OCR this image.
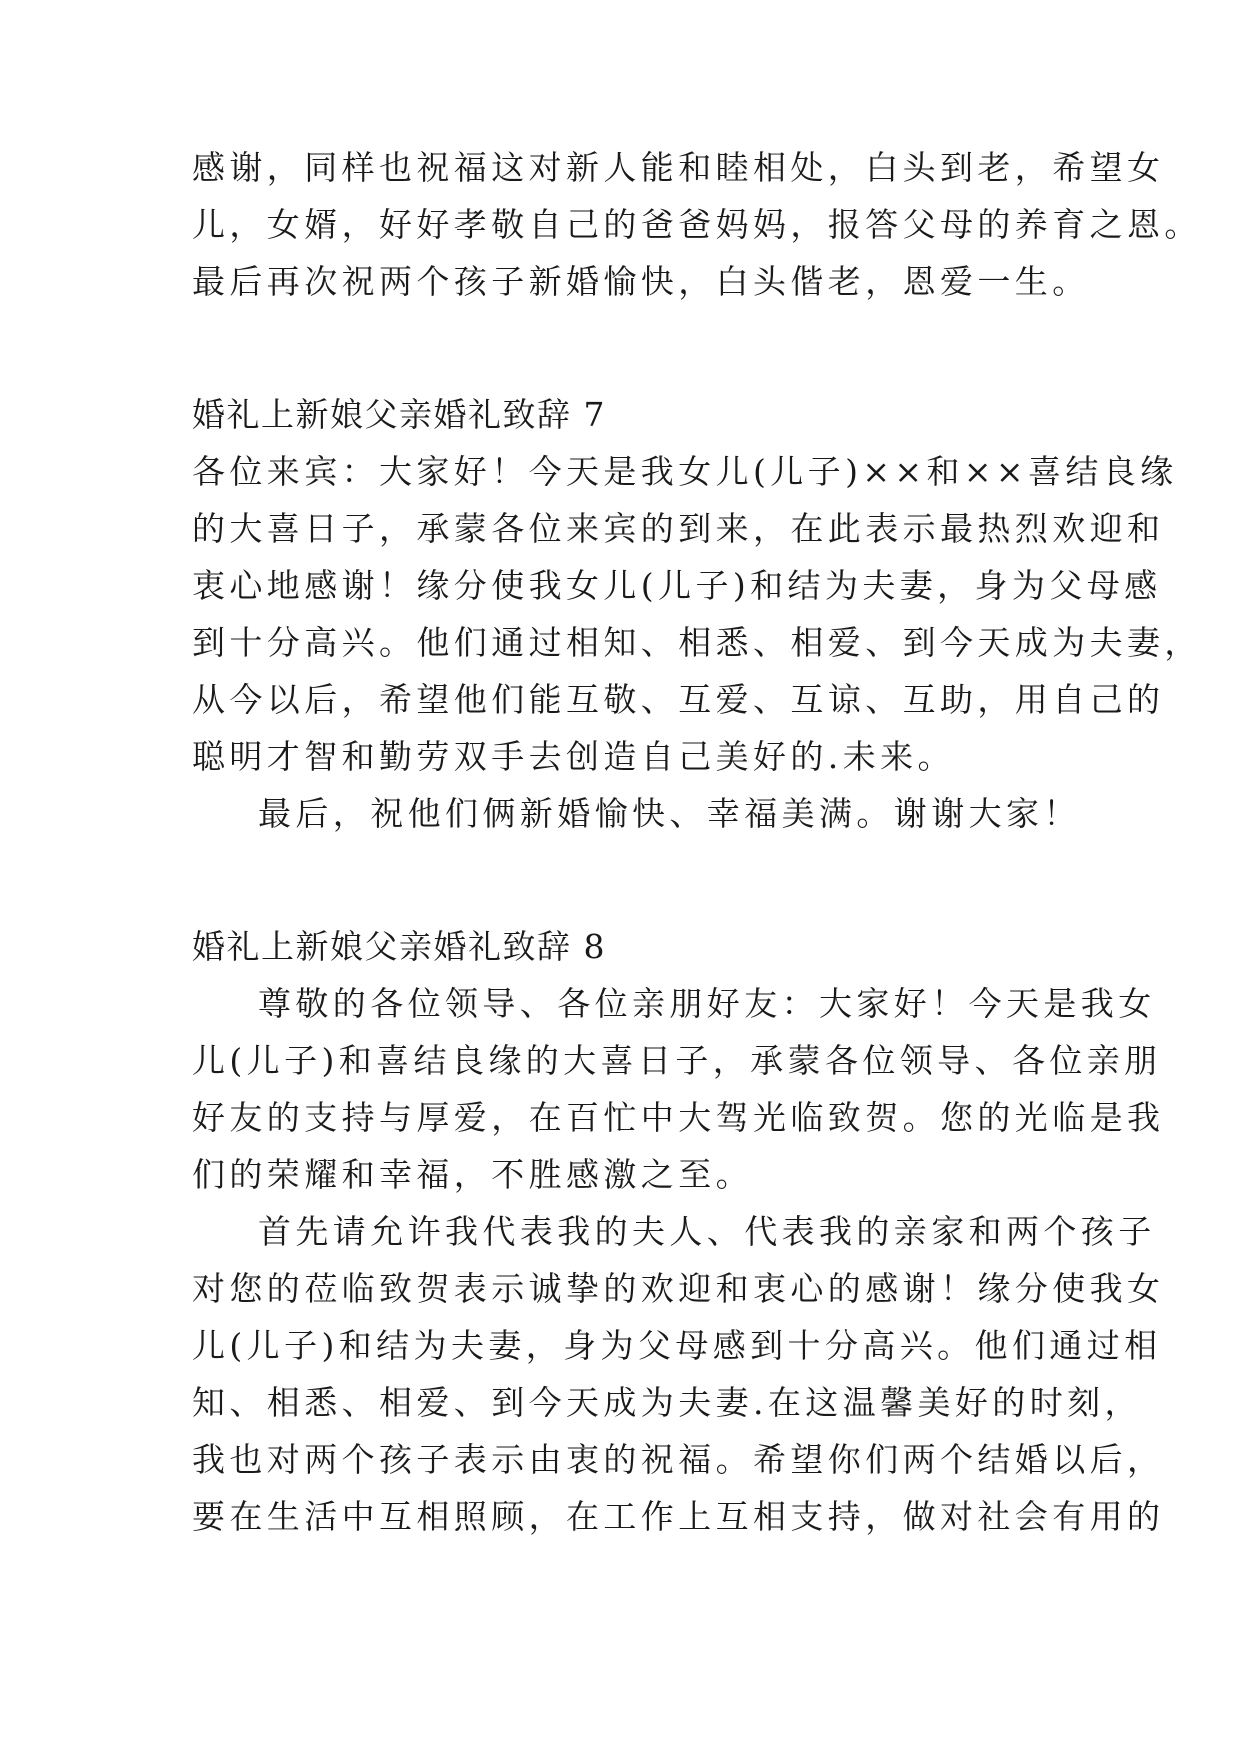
感谢，同样也祝福这对新人能和睦相处，白头到老，希望女
儿，女婿，好好孝敬自己的爸爸妈妈，报答父母的养育之恩。
最后再次祝两个孩子新婚愉快，白头偕老，恩爱一生。
婚礼上新娘父亲婚礼致辞 7
各位来宾：大家好！今天是我女儿(儿子)××和××喜结良缘
的大喜日子，承蒙各位来宾的到来，在此表示最热烈欢迎和
衷心地感谢！缘分使我女儿(儿子)和结为夫妻，身为父母感
到十分高兴。他们通过相知、相悉、相爱、到今天成为夫妻，
从今以后，希望他们能互敬、互爱、互谅、互助，用自己的
聪明才智和勤劳双手去创造自己美好的.未来。
最后，祝他们俩新婚愉快、幸福美满。谢谢大家！
婚礼上新娘父亲婚礼致辞 8
尊敬的各位领导、各位亲朋好友：大家好！今天是我女
儿(儿子)和喜结良缘的大喜日子，承蒙各位领导、各位亲朋
好友的支持与厚爱，在百忙中大驾光临致贺。您的光临是我
们的荣耀和幸福，不胜感激之至。
首先请允许我代表我的夫人、代表我的亲家和两个孩子
对您的莅临致贺表示诚挚的欢迎和衷心的感谢！缘分使我女
儿(儿子)和结为夫妻，身为父母感到十分高兴。他们通过相
知、相悉、相爱、到今天成为夫妻.在这温馨美好的时刻，
我也对两个孩子表示由衷的祝福。希望你们两个结婚以后，
要在生活中互相照顾，在工作上互相支持，做对社会有用的
